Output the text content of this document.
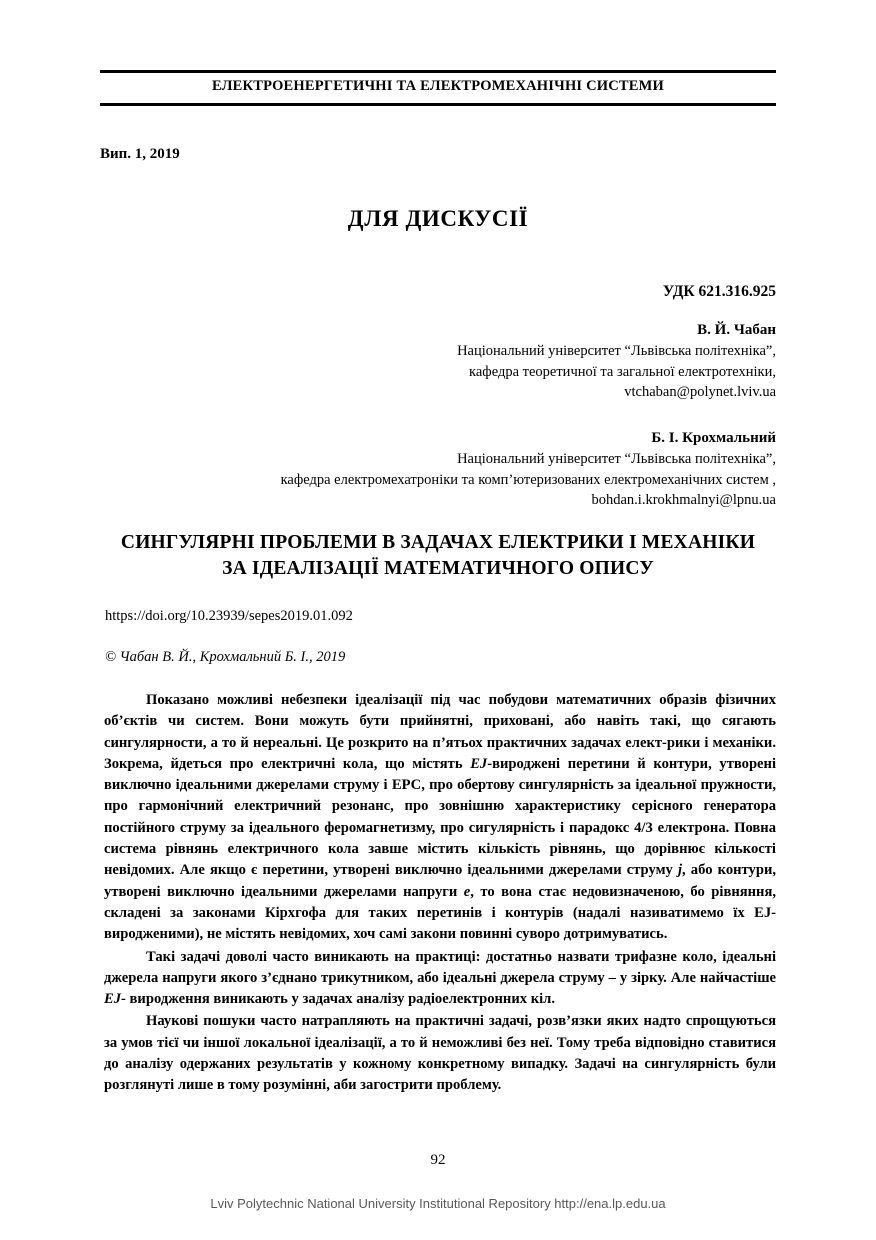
ЕЛЕКТРОЕНЕРГЕТИЧНІ ТА ЕЛЕКТРОМЕХАНІЧНІ СИСТЕМИ
Вип. 1, 2019
ДЛЯ ДИСКУСІЇ
УДК 621.316.925
В. Й. Чабан
Національний університет “Львівська політехніка”,
кафедра теоретичної та загальної електротехніки,
vtchaban@polynet.lviv.ua
Б. І. Крохмальний
Національний університет “Львівська політехніка”,
кафедра електромехатроніки та комп’ютеризованих електромеханічних систем ,
bohdan.i.krokhmalnyi@lpnu.ua
СИНГУЛЯРНІ ПРОБЛЕМИ В ЗАДАЧАХ ЕЛЕКТРИКИ І МЕХАНІКИ
ЗА ІДЕАЛІЗАЦІЇ МАТЕМАТИЧНОГО ОПИСУ
https://doi.org/10.23939/sepes2019.01.092
© Чабан В. Й., Крохмальний Б. І., 2019

Показано можливі небезпеки ідеалізації під час побудови математичних образів фізичних об’єктів чи систем. Вони можуть бути прийнятні, приховані, або навіть такі, що сягають сингулярности, а то й нереальні. Це розкрито на п’ятьох практичних задачах елект-рики і механіки. Зокрема, йдеться про електричні кола, що містять EJ-вироджені перетини й контури, утворені виключно ідеальними джерелами струму і ЕРС, про обертову сингулярність за ідеальної пружности, про гармонічний електричний резонанс, про зовнішню характеристику серісного генератора постійного струму за ідеального феромагнетизму, про сигулярність і парадокс 4/3 електрона. Повна система рівнянь електричного кола завше містить кількість рівнянь, що дорівнює кількості невідомих. Але якщо є перетини, утворені виключно ідеальними джерелами струму j, або контури, утворені виключно ідеальними джерелами напруги e, то вона стає недовизначеною, бо рівняння, складені за законами Кірхгофа для таких перетинів і контурів (надалі називатимемо їх EJ-виродженими), не містять невідомих, хоч самі закони повинні суворо дотримуватись.

Такі задачі доволі часто виникають на практиці: достатньо назвати трифазне коло, ідеальні джерела напруги якого з’єднано трикутником, або ідеальні джерела струму – у зірку. Але найчастіше EJ- виродження виникають у задачах аналізу радіоелектронних кіл.

Наукові пошуки часто натрапляють на практичні задачі, розв’язки яких надто спрощуються за умов тієї чи іншої локальної ідеалізації, а то й неможливі без неї. Тому треба відповідно ставитися до аналізу одержаних результатів у кожному конкретному випадку. Задачі на сингулярність були розглянуті лише в тому розумінні, аби загострити проблему.

92
Lviv Polytechnic National University Institutional Repository http://ena.lp.edu.ua
